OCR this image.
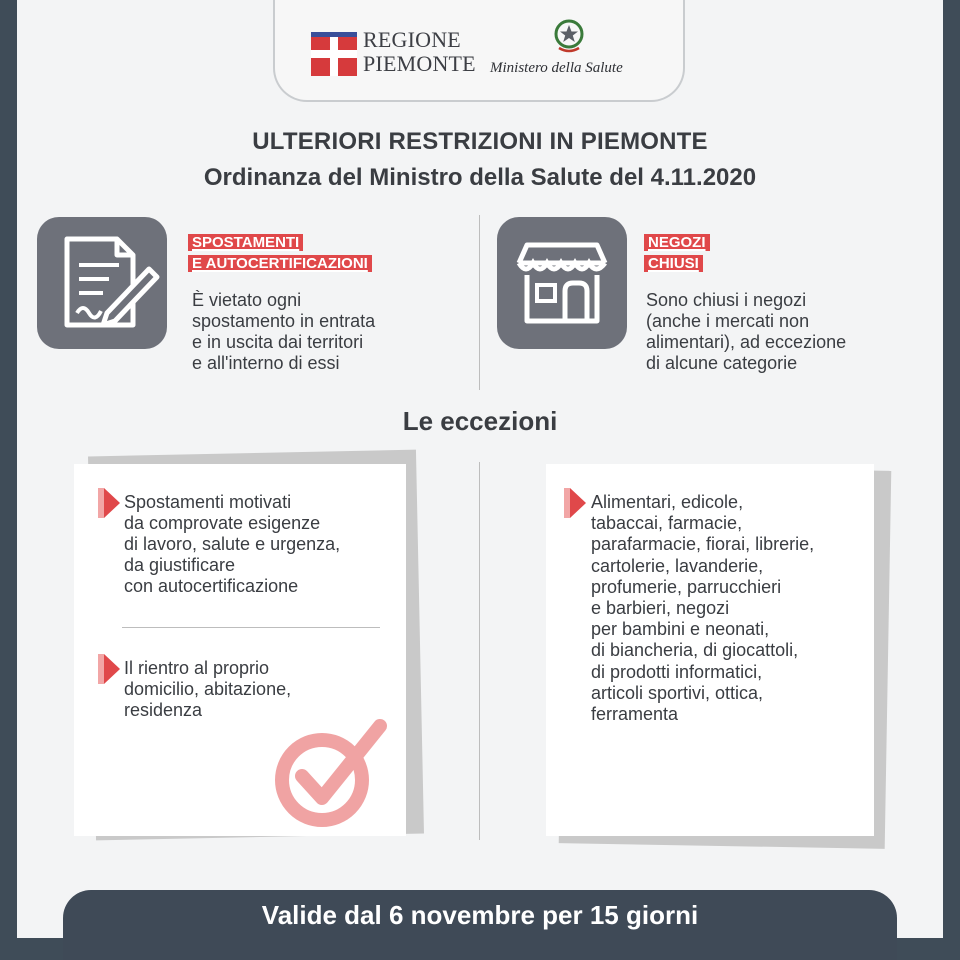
REGIONE
PIEMONTE Ministero della Salute
ULTERIORI RESTRIZIONI IN PIEMONTE
Ordinanza del Ministro della Salute del 4.11.2020
SPOSTAMENTI
E AUTOCERTIFICAZIONI
È vietato ogni
spostamento in entrata
e in uscita dai territori
e all'interno di essi
NEGOZI
CHIUSI
Sono chiusi i negozi
(anche i mercati non
alimentari), ad eccezione
di alcune categorie
Le eccezioni
Spostamenti motivati
da comprovate esigenze
di lavoro, salute e urgenza,
da giustificare
con autocertificazione
Il rientro al proprio
domicilio, abitazione,
residenza
Alimentari, edicole,
tabaccai, farmacie,
parafarmacie, fiorai, librerie,
cartolerie, lavanderie,
profumerie, parrucchieri
e barbieri, negozi
per bambini e neonati,
di biancheria, di giocattoli,
di prodotti informatici,
articoli sportivi, ottica,
ferramenta
Valide dal 6 novembre per 15 giorni
